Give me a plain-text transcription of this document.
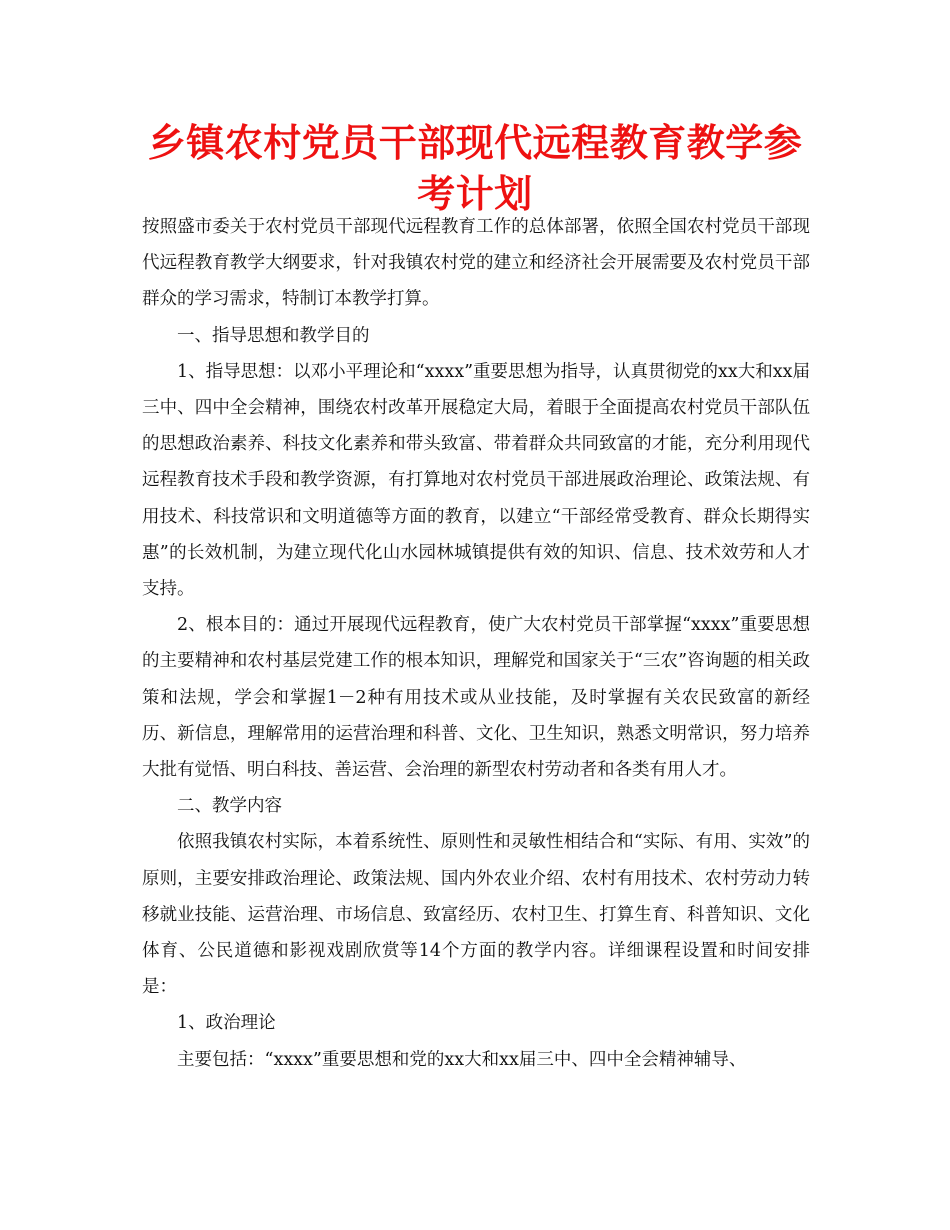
乡镇农村党员干部现代远程教育教学参考计划

按照盛市委关于农村党员干部现代远程教育工作的总体部署，依照全国农村党员干部现代远程教育教学大纲要求，针对我镇农村党的建立和经济社会开展需要及农村党员干部群众的学习需求，特制订本教学打算。

一、指导思想和教学目的

1、指导思想：以邓小平理论和“xxxx”重要思想为指导，认真贯彻党的xx大和xx届三中、四中全会精神，围绕农村改革开展稳定大局，着眼于全面提高农村党员干部队伍的思想政治素养、科技文化素养和带头致富、带着群众共同致富的才能，充分利用现代远程教育技术手段和教学资源，有打算地对农村党员干部进展政治理论、政策法规、有用技术、科技常识和文明道德等方面的教育，以建立“干部经常受教育、群众长期得实惠”的长效机制，为建立现代化山水园林城镇提供有效的知识、信息、技术效劳和人才支持。

2、根本目的：通过开展现代远程教育，使广大农村党员干部掌握“xxxx”重要思想的主要精神和农村基层党建工作的根本知识，理解党和国家关于“三农”咨询题的相关政策和法规，学会和掌握1－2种有用技术或从业技能，及时掌握有关农民致富的新经历、新信息，理解常用的运营治理和科普、文化、卫生知识，熟悉文明常识，努力培养大批有觉悟、明白科技、善运营、会治理的新型农村劳动者和各类有用人才。

二、教学内容

依照我镇农村实际，本着系统性、原则性和灵敏性相结合和“实际、有用、实效”的原则，主要安排政治理论、政策法规、国内外农业介绍、农村有用技术、农村劳动力转移就业技能、运营治理、市场信息、致富经历、农村卫生、打算生育、科普知识、文化体育、公民道德和影视戏剧欣赏等14个方面的教学内容。详细课程设置和时间安排是：

1、政治理论

主要包括：“xxxx”重要思想和党的xx大和xx届三中、四中全会精神辅导、
